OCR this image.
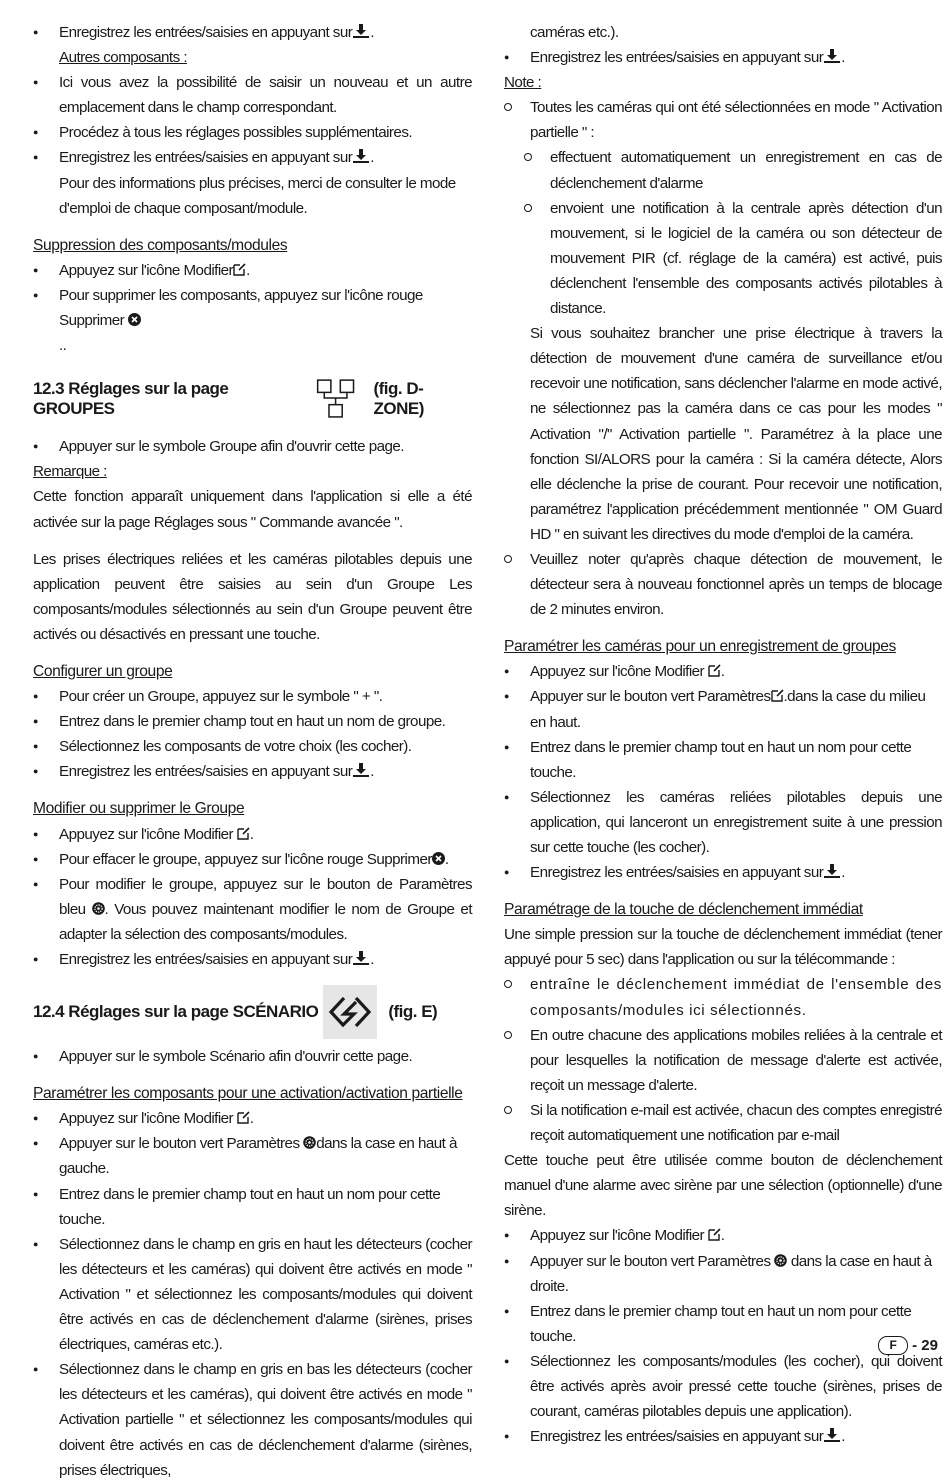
● Enregistrez les entrées/saisies en appuyant sur .

Autres composants :

● Ici vous avez la possibilité de saisir un nouveau et un autre emplacement dans le champ correspondant.

● Procédez à tous les réglages possibles supplémentaires.

● Enregistrez les entrées/saisies en appuyant sur .

Pour des informations plus précises, merci de consulter le mode d'emploi de chaque composant/module.

Suppression des composants/modules

● Appuyez sur l'icône Modifier .

● Pour supprimer les composants, appuyez sur l'icône rouge Supprimer

..

12.3 Réglages sur la page GROUPES
(fig. D- ZONE)

● Appuyer sur le symbole Groupe afin d'ouvrir cette page.

Remarque :

Cette fonction apparaît uniquement dans l'application si elle a été activée sur la page Réglages sous " Commande avancée ".

Les prises électriques reliées et les caméras pilotables depuis une application peuvent être saisies au sein d'un Groupe Les composants/modules sélectionnés au sein d'un Groupe peuvent être activés ou désactivés en pressant une touche.

Configurer un groupe

● Pour créer un Groupe, appuyez sur le symbole " + ".

● Entrez dans le premier champ tout en haut un nom de groupe.

● Sélectionnez les composants de votre choix (les cocher).

● Enregistrez les entrées/saisies en appuyant sur .

Modifier ou supprimer le Groupe

● Appuyez sur l'icône Modifier .

● Pour effacer le groupe, appuyez sur l'icône rouge Supprimer .

● Pour modifier le groupe, appuyez sur le bouton de Paramètres bleu . Vous pouvez maintenant modifier le nom de Groupe et adapter la sélection des composants/modules.

● Enregistrez les entrées/saisies en appuyant sur .

12.4 Réglages sur la page SCÉNARIO	(fig. E)

● Appuyer sur le symbole Scénario afin d'ouvrir cette page.

Paramétrer les composants pour une activation/activation partielle

● Appuyez sur l'icône Modifier .

● Appuyer sur le bouton vert Paramètres dans la case en haut à gauche.

● Entrez dans le premier champ tout en haut un nom pour cette touche.

● Sélectionnez dans le champ en gris en haut les détecteurs (cocher les détecteurs et les caméras) qui doivent être activés en mode " Activation " et sélectionnez les composants/modules qui doivent être activés en cas de déclenchement d'alarme (sirènes, prises électriques, caméras etc.).

● Sélectionnez dans le champ en gris en bas les détecteurs (cocher les détecteurs et les caméras), qui doivent être activés en mode " Activation partielle " et sélectionnez les composants/modules qui doivent être activés en cas de déclenchement d'alarme (sirènes, prises électriques,

caméras etc.).

● Enregistrez les entrées/saisies en appuyant sur .

Note :

Toutes les caméras qui ont été sélectionnées en mode " Activation partielle " :

effectuent automatiquement un enregistrement en cas de déclenchement d'alarme

envoient une notification à la centrale après détection d'un mouvement, si le logiciel de la caméra ou son détecteur de mouvement PIR (cf. réglage de la caméra) est activé, puis déclenchent l'ensemble des composants activés pilotables à distance.

Si vous souhaitez brancher une prise électrique à travers la détection de mouvement d'une caméra de surveillance et/ou recevoir une notification, sans déclencher l'alarme en mode activé, ne sélectionnez pas la caméra dans ce cas pour les modes " Activation "/" Activation partielle ". Paramétrez à la place une fonction SI/ALORS pour la caméra : Si la caméra détecte, Alors elle déclenche la prise de courant. Pour recevoir une notification, paramétrez l'application précédemment mentionnée " OM Guard HD " en suivant les directives du mode d'emploi de la caméra.

Veuillez noter qu'après chaque détection de mouvement, le détecteur sera à nouveau fonctionnel après un temps de blocage de 2 minutes environ.

Paramétrer les caméras pour un enregistrement de groupes

● Appuyez sur l'icône Modifier .

● Appuyer sur le bouton vert Paramètres .dans la case du milieu en haut.

● Entrez dans le premier champ tout en haut un nom pour cette touche.

● Sélectionnez les caméras reliées pilotables depuis une application, qui lanceront un enregistrement suite à une pression sur cette touche (les cocher).

● Enregistrez les entrées/saisies en appuyant sur .

Paramétrage de la touche de déclenchement immédiat

Une simple pression sur la touche de déclenchement immédiat (tener appuyé pour 5 sec) dans l'application ou sur la télécommande :

entraîne le déclenchement immédiat de l'ensemble des composants/modules ici sélectionnés.

En outre chacune des applications mobiles reliées à la centrale et pour lesquelles la notification de message d'alerte est activée, reçoit un message d'alerte.

Si la notification e-mail est activée, chacun des comptes enregistré reçoit automatiquement une notification par e-mail

Cette touche peut être utilisée comme bouton de déclenchement manuel d'une alarme avec sirène par une sélection (optionnelle) d'une sirène.

● Appuyez sur l'icône Modifier .

● Appuyer sur le bouton vert Paramètres dans la case en haut à droite.

● Entrez dans le premier champ tout en haut un nom pour cette touche.

● Sélectionnez les composants/modules (les cocher), qui doivent être activés après avoir pressé cette touche (sirènes, prises de courant, caméras pilotables depuis une application).

● Enregistrez les entrées/saisies en appuyant sur .

F	- 29
